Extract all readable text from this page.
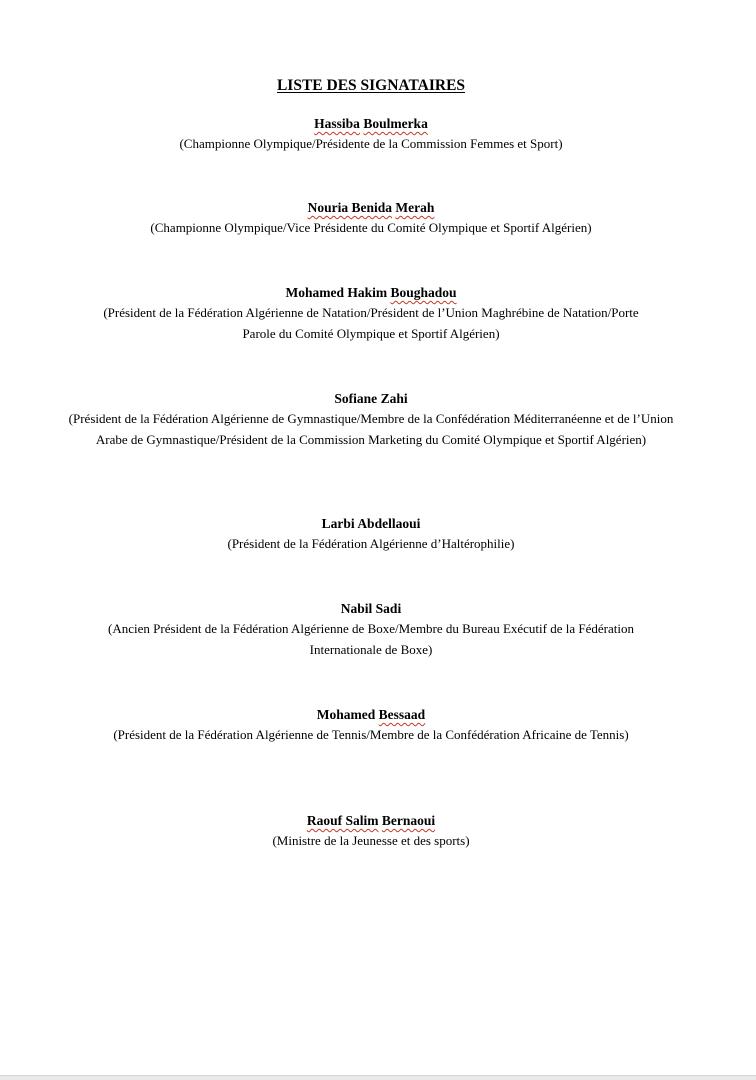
LISTE DES SIGNATAIRES
Hassiba Boulmerka
(Championne Olympique/Présidente de la Commission Femmes et Sport)
Nouria Benida Merah
(Championne Olympique/Vice Présidente du Comité Olympique et Sportif Algérien)
Mohamed Hakim Boughadou
(Président de la Fédération Algérienne de Natation/Président de l’Union Maghrébine de Natation/Porte Parole du Comité Olympique et Sportif Algérien)
Sofiane Zahi
(Président de la Fédération Algérienne de Gymnastique/Membre de la Confédération Méditerranéenne et de l’Union Arabe de Gymnastique/Président de la Commission Marketing du Comité Olympique et Sportif Algérien)
Larbi Abdellaoui
(Président de la Fédération Algérienne d’Haltérophilie)
Nabil Sadi
(Ancien Président de la Fédération Algérienne de Boxe/Membre du Bureau Exécutif de la Fédération Internationale de Boxe)
Mohamed Bessaad
(Président de la Fédération Algérienne de Tennis/Membre de la Confédération Africaine de Tennis)
Raouf Salim Bernaoui
(Ministre de la Jeunesse et des sports)
